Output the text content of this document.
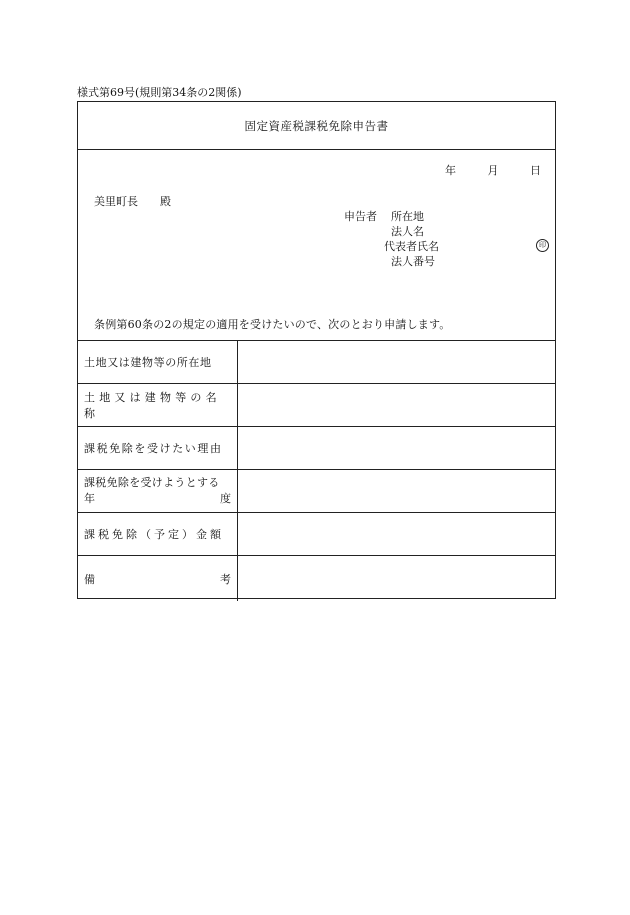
様式第69号(規則第34条の2関係)
固定資産税課税免除申告書
年	月	日
美里町長 殿
申告者 所在地
法人名
代表者氏名	印
法人番号
条例第60条の2の規定の適用を受けたいので、次のとおり申請します。
土地又は建物等の所在地
土地又は建物等の名称
課税免除を受けたい理由
課税免除を受けようとする
年	度
課税免除（予定）金額
備	考
